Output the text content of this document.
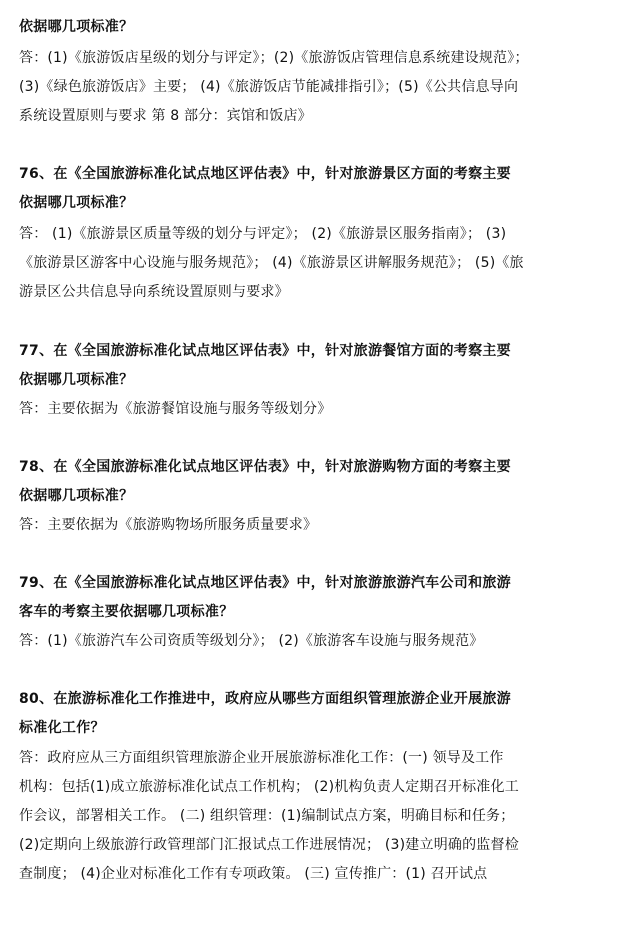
依据哪几项标准？
答：(1)《旅游饭店星级的划分与评定》；(2)《旅游饭店管理信息系统建设规范》；
(3)《绿色旅游饭店》主要； (4)《旅游饭店节能减排指引》；(5)《公共信息导向
系统设置原则与要求 第 8 部分：宾馆和饭店》
76、在《全国旅游标准化试点地区评估表》中，针对旅游景区方面的考察主要
依据哪几项标准？
答： (1)《旅游景区质量等级的划分与评定》； (2)《旅游景区服务指南》； (3)
《旅游景区游客中心设施与服务规范》； (4)《旅游景区讲解服务规范》； (5)《旅
游景区公共信息导向系统设置原则与要求》
77、在《全国旅游标准化试点地区评估表》中，针对旅游餐馆方面的考察主要
依据哪几项标准？
答：主要依据为《旅游餐馆设施与服务等级划分》
78、在《全国旅游标准化试点地区评估表》中，针对旅游购物方面的考察主要
依据哪几项标准？
答：主要依据为《旅游购物场所服务质量要求》
79、在《全国旅游标准化试点地区评估表》中，针对旅游旅游汽车公司和旅游
客车的考察主要依据哪几项标准？
答：(1)《旅游汽车公司资质等级划分》； (2)《旅游客车设施与服务规范》
80、在旅游标准化工作推进中，政府应从哪些方面组织管理旅游企业开展旅游
标准化工作？
答：政府应从三方面组织管理旅游企业开展旅游标准化工作：(一) 领导及工作
机构：包括(1)成立旅游标准化试点工作机构； (2)机构负责人定期召开标准化工
作会议，部署相关工作。 (二) 组织管理：(1)编制试点方案，明确目标和任务；
(2)定期向上级旅游行政管理部门汇报试点工作进展情况； (3)建立明确的监督检
查制度； (4)企业对标准化工作有专项政策。 (三) 宣传推广：(1) 召开试点
